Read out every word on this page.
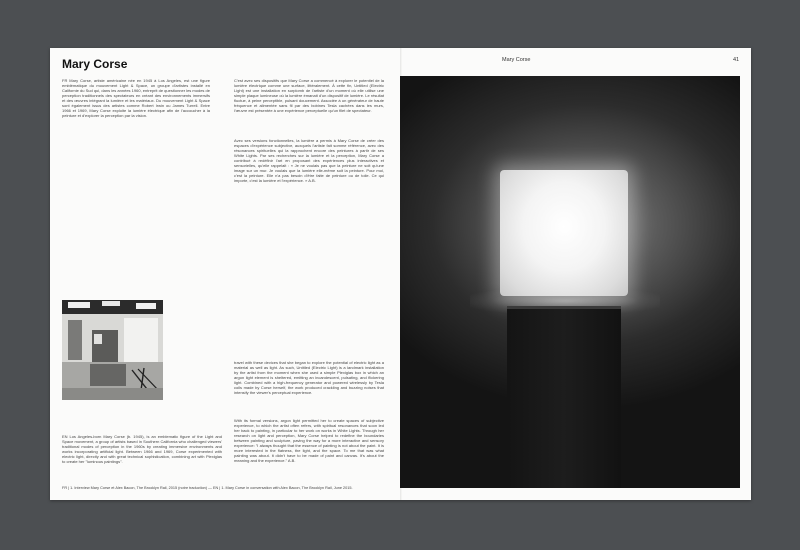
Mary Corse

FR Mary Corse, artiste américaine née en 1945 à Los Angeles, est une figure emblématique du mouvement Light & Space, un groupe d'artistes installé en Californie du Sud qui, dans les années 1960, entreprit de questionner les modes de perception traditionnels des spectateurs en créant des environnements immersifs et des œuvres intégrant la lumière et les matériaux. Du mouvement Light & Space sont également issus des artistes comme Robert Irwin ou James Turrell. Entre 1966 et 1969, Mary Corse exploite la lumière électrique afin de l'accoucher à la peinture et d'explorer la perception par la vision.

C'est avec ses dispositifs que Mary Corse a commencé à explorer le potentiel de la lumière électrique comme une surface, littéralement. À cette fin, Untitled (Electric Light) est une installation en surplomb de l'artiste d'un moment où elle utilise une simple plaque lumineuse où la lumière émanait d'un dispositif de lumière. Le résultat fluctue, à peine perceptible, pulsant doucement. Associée à un générateur de haute fréquence et alimentée sans fil par des bobines Tesla cachées dans les murs, l'œuvre est présentée à une expérience perceptuelle qu'un filet de spectateur.

Avec ses versions fonctionnelles, la lumière a permis à Mary Corse de créer des espaces d'expérience subjective, auxquels l'artiste fait somme référence, avec des résonances spirituelles qui la rapprochent encore des peintures à partir de ses White Lights. Par ses recherches sur la lumière et la perception, Mary Corse a contribué à redéfinir l'art en proposant des expériences plus interactives et sensorielles, qu'elle rappelait : « Je ne voulais pas que la peinture ne soit qu'une image sur un mur. Je voulais que la lumière elle-même soit la peinture. Pour moi, c'est la peinture. Elle n'a pas besoin d'être faite de peinture ou de toile. Ce qui importe, c'est la lumière et l'expérience. » A.B.

travel with these devices that she began to explore the potential of electric light as a material as well as light. As such, Untitled (Electric Light) is a landmark installation by the artist from the moment when she used a simple Plexiglas box in which an argon light element is sheltered, emitting an incandescent, pulsating, and flickering light. Combined with a high-frequency generator and powered wirelessly by Tesla coils made by Corse herself, the work produced crackling and buzzing noises that intensify the viewer's perceptual experience.

EN Los Angeles-born Mary Corse (b. 1945), is an emblematic figure of the Light and Space movement, a group of artists based in Southern California who challenged viewers' traditional modes of perception in the 1960s by creating immersive environments and works incorporating artificial light. Between 1966 and 1969, Corse experimented with electric light, directly and with great technical sophistication, combining art with Plexiglas to create her "luminous paintings".

With its formal versions, argon light permitted her to create spaces of subjective experience, to which the artist often refers, with spiritual resonances that soon led her back to painting, in particular to her work on works in White Lights. Through her research on light and perception, Mary Corse helped to redefine the boundaries between painting and sculpture, paving the way for a more interactive and sensory experience: "I always thought that the essence of painting is not about the paint. It is more interested in the flatness, the light, and the space. To me that was what painting was about. It didn't have to be made of paint and canvas. It's about the meaning and the experience." A.B.

FR | 1. Interview Mary Corse et Alex Bacon, The Brooklyn Rail, 2015 (notre traduction) — EN | 1. Mary Corse in conversation with Alex Bacon, The Brooklyn Rail, June 2015.

Mary Corse	41
